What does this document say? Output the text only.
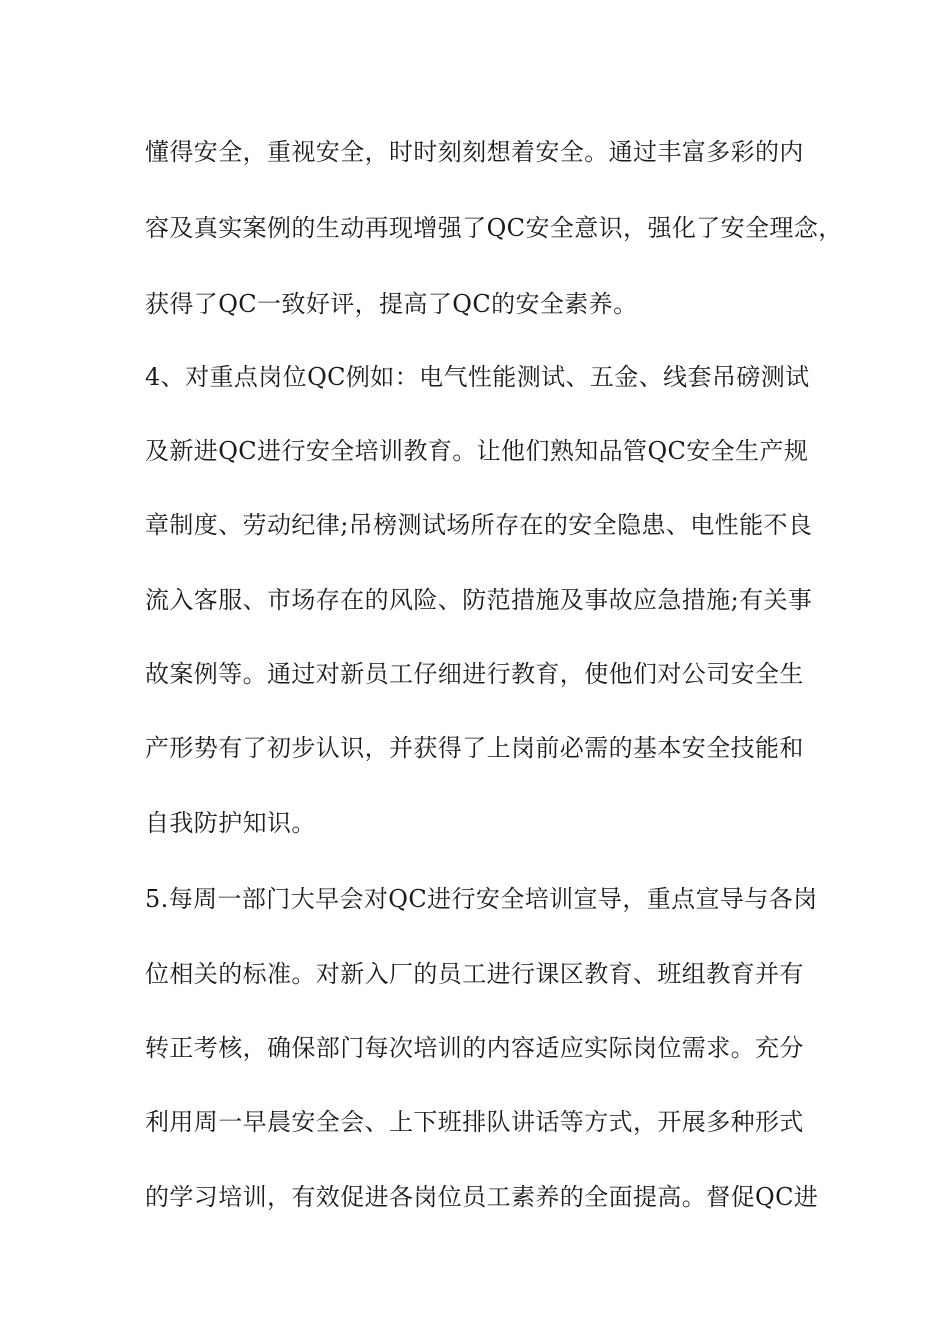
懂得安全，重视安全，时时刻刻想着安全。通过丰富多彩的内
容及真实案例的生动再现增强了QC安全意识，强化了安全理念，
获得了QC一致好评，提高了QC的安全素养。
4、对重点岗位QC例如：电气性能测试、五金、线套吊磅测试
及新进QC进行安全培训教育。让他们熟知品管QC安全生产规
章制度、劳动纪律;吊榜测试场所存在的安全隐患、电性能不良
流入客服、市场存在的风险、防范措施及事故应急措施;有关事
故案例等。通过对新员工仔细进行教育，使他们对公司安全生
产形势有了初步认识，并获得了上岗前必需的基本安全技能和
自我防护知识。
5.每周一部门大早会对QC进行安全培训宣导，重点宣导与各岗
位相关的标准。对新入厂的员工进行课区教育、班组教育并有
转正考核，确保部门每次培训的内容适应实际岗位需求。充分
利用周一早晨安全会、上下班排队讲话等方式，开展多种形式
的学习培训，有效促进各岗位员工素养的全面提高。督促QC进
